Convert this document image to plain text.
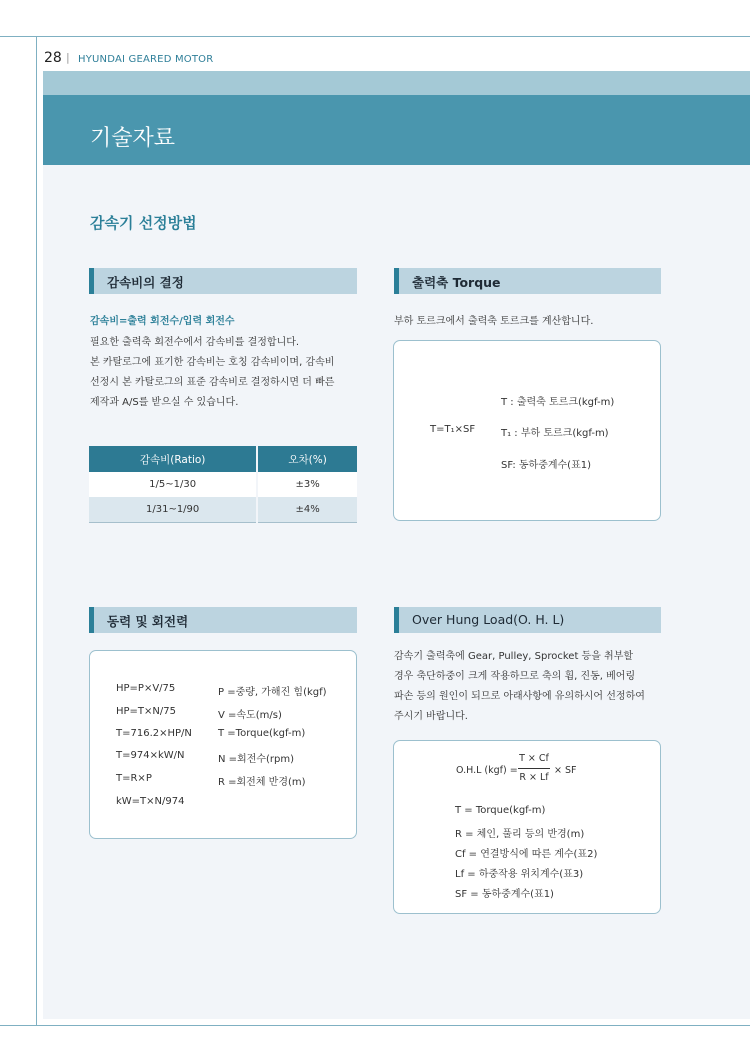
28 | HYUNDAI GEARED MOTOR
기술자료
감속기 선정방법
감속비의 결정
감속비=출력 회전수/입력 회전수
필요한 출력축 회전수에서 감속비를 결정합니다.
본 카탈로그에 표기한 감속비는 호칭 감속비이며, 감속비
선정시 본 카탈로그의 표준 감속비로 결정하시면 더 빠른
제작과 A/S를 받으실 수 있습니다.
감속비(Ratio)	오차(%)
1/5~1/30	±3%
1/31~1/90	±4%
출력축 Torque
부하 토르크에서 출력축 토르크를 계산합니다.
T=T₁×SF
T : 출력축 토르크(kgf-m)
T₁ : 부하 토르크(kgf-m)
SF: 동하중계수(표1)
동력 및 회전력
HP=P×V/75
HP=T×N/75
T=716.2×HP/N
T=974×kW/N
T=R×P
kW=T×N/974
P =중량, 가해진 힘(kgf)
V =속도(m/s)
T =Torque(kgf-m)
N =회전수(rpm)
R =회전체 반경(m)
Over Hung Load(O. H. L)
감속기 출력축에 Gear, Pulley, Sprocket 등을 취부할
경우 축단하중이 크게 작용하므로 축의 휨, 진동, 베어링
파손 등의 원인이 되므로 아래사항에 유의하시어 선정하여
주시기 바랍니다.
O.H.L (kgf) =
T × Cf
R × Lf
× SF
T = Torque(kgf-m)
R = 체인, 풀리 등의 반경(m)
Cf = 연결방식에 따른 계수(표2)
Lf = 하중작용 위치계수(표3)
SF = 동하중계수(표1)
